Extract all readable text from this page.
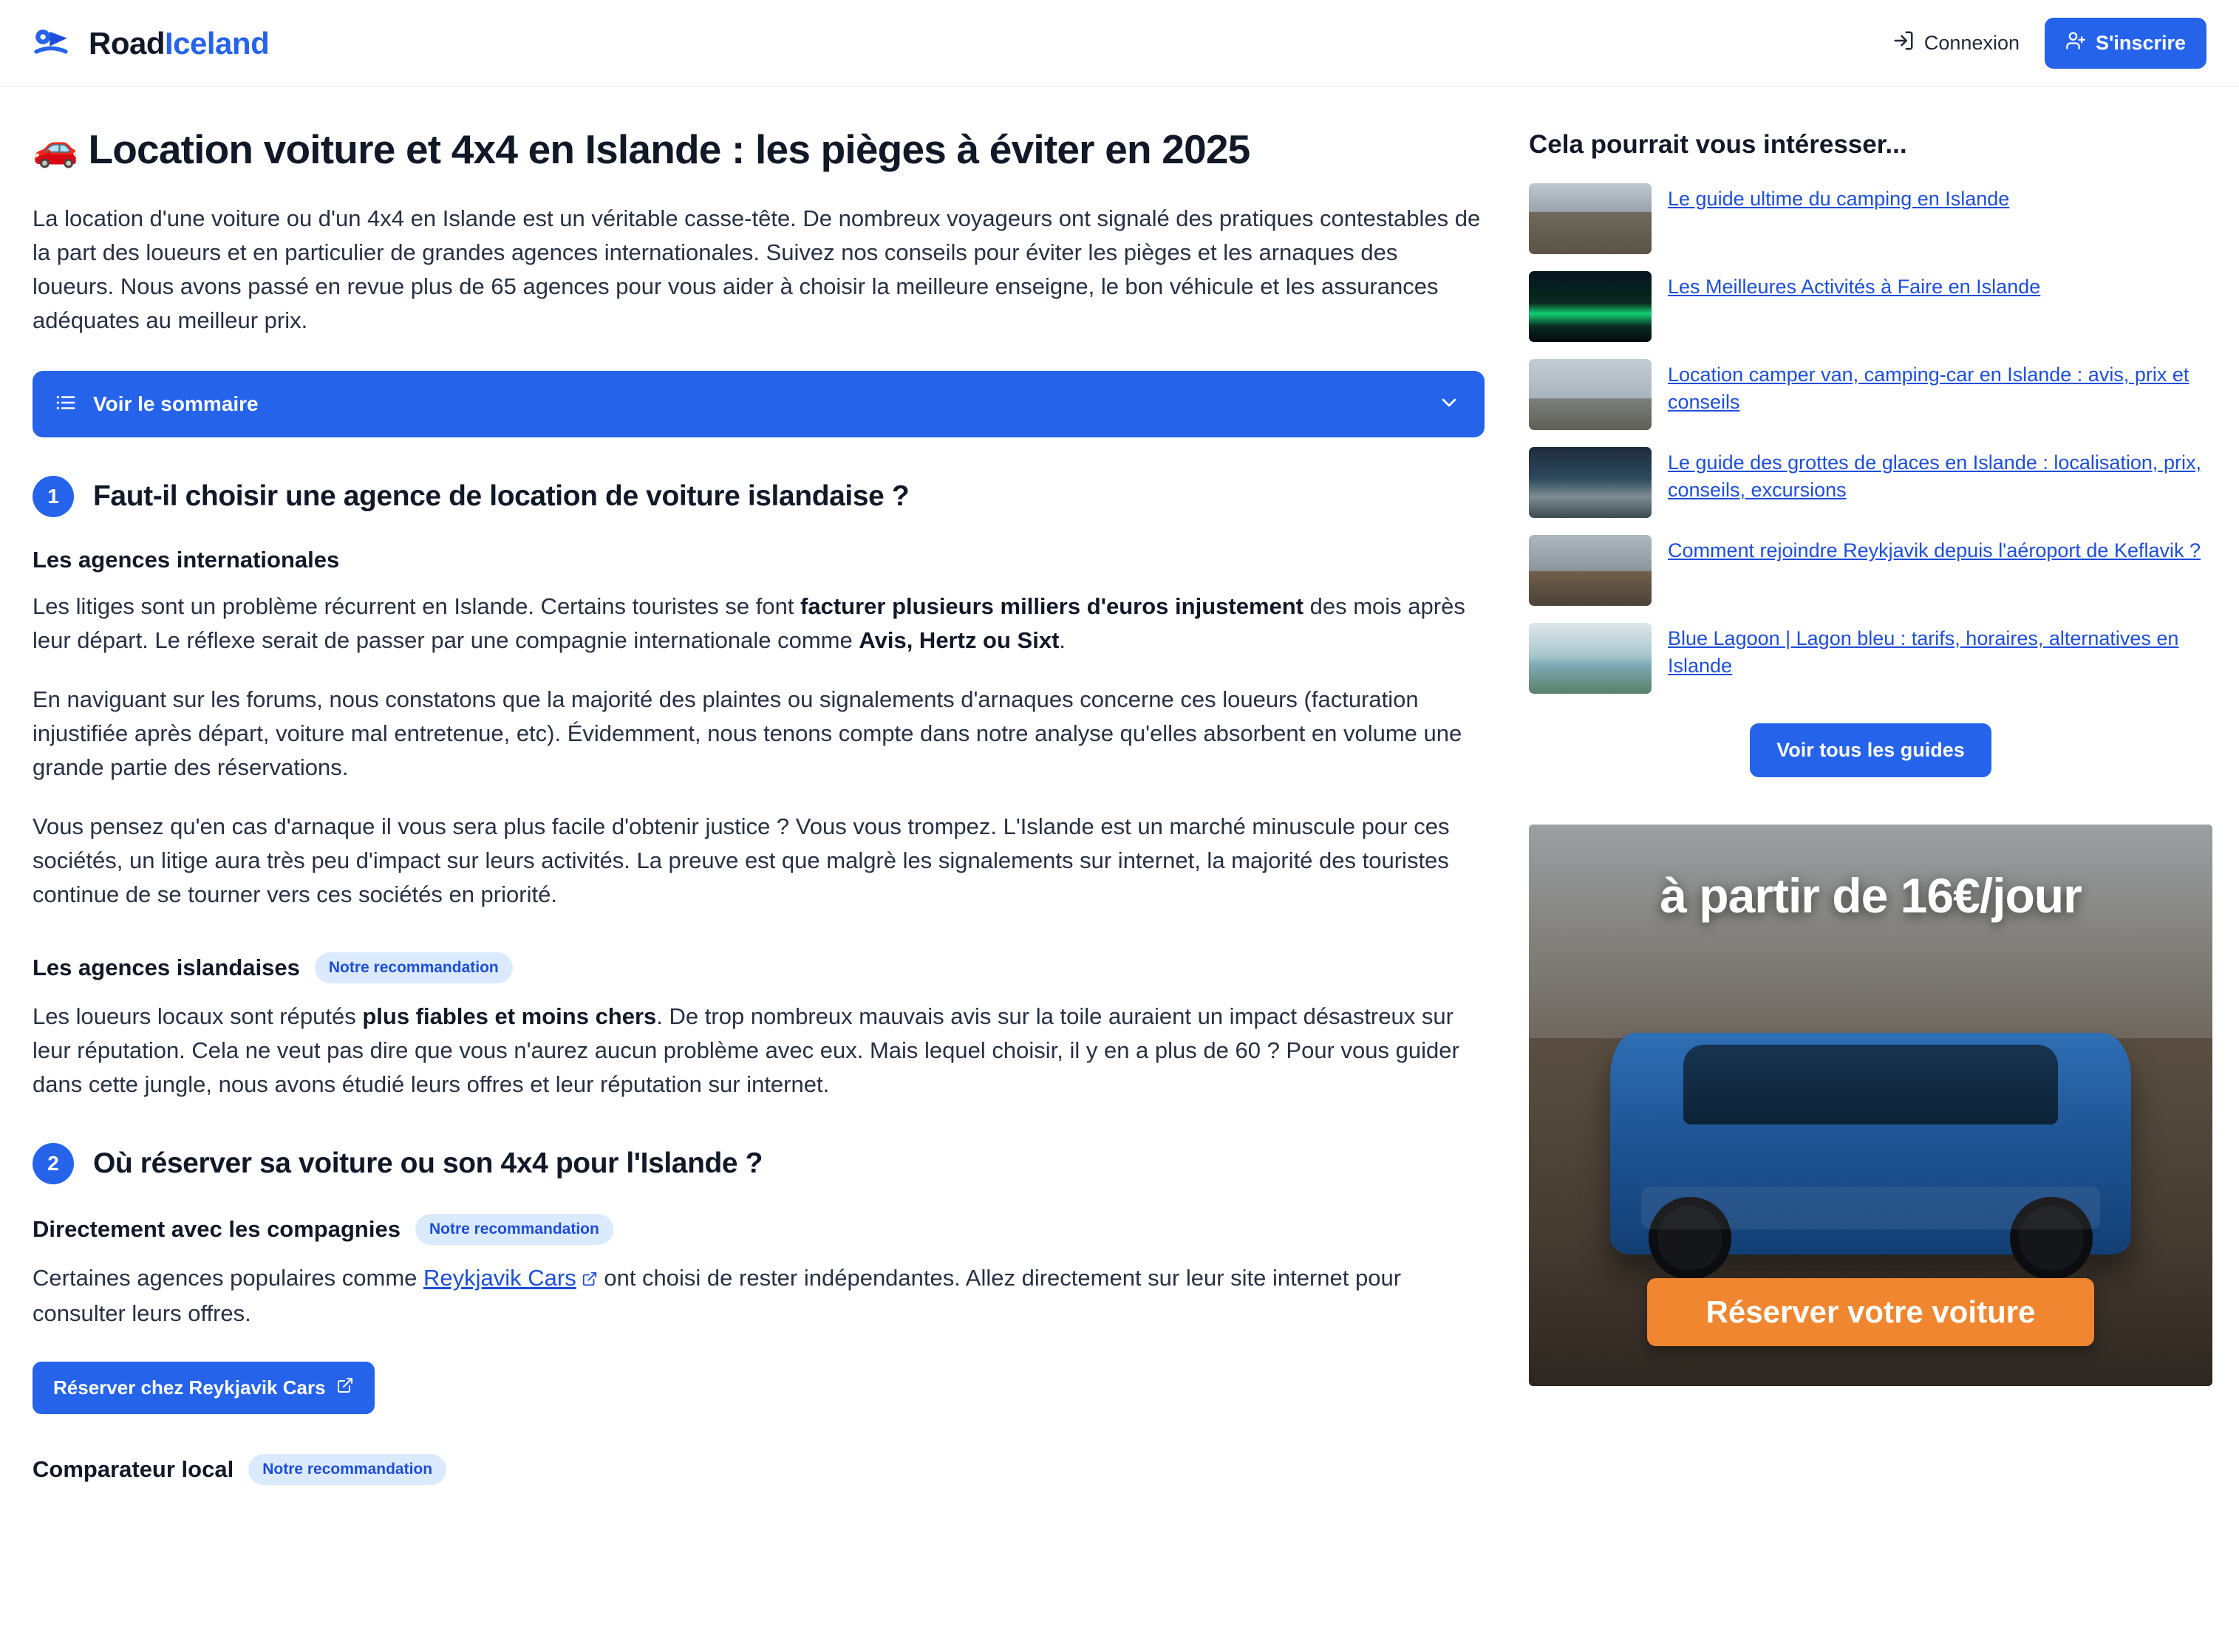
RoadIceland	Connexion	S'inscrire
🚗 Location voiture et 4x4 en Islande : les pièges à éviter en 2025

La location d'une voiture ou d'un 4x4 en Islande est un véritable casse-tête. De nombreux voyageurs ont signalé des pratiques contestables de la part des loueurs et en particulier de grandes agences internationales. Suivez nos conseils pour éviter les pièges et les arnaques des loueurs. Nous avons passé en revue plus de 65 agences pour vous aider à choisir la meilleure enseigne, le bon véhicule et les assurances adéquates au meilleur prix.

Voir le sommaire
1	Faut-il choisir une agence de location de voiture islandaise ?
Les agences internationales

Les litiges sont un problème récurrent en Islande. Certains touristes se font facturer plusieurs milliers d'euros injustement des mois après leur départ. Le réflexe serait de passer par une compagnie internationale comme Avis, Hertz ou Sixt.

En naviguant sur les forums, nous constatons que la majorité des plaintes ou signalements d'arnaques concerne ces loueurs (facturation injustifiée après départ, voiture mal entretenue, etc). Évidemment, nous tenons compte dans notre analyse qu'elles absorbent en volume une grande partie des réservations.

Vous pensez qu'en cas d'arnaque il vous sera plus facile d'obtenir justice ? Vous vous trompez. L'Islande est un marché minuscule pour ces sociétés, un litige aura très peu d'impact sur leurs activités. La preuve est que malgrè les signalements sur internet, la majorité des touristes continue de se tourner vers ces sociétés en priorité.

Les agences islandaises	Notre recommandation

Les loueurs locaux sont réputés plus fiables et moins chers. De trop nombreux mauvais avis sur la toile auraient un impact désastreux sur leur réputation. Cela ne veut pas dire que vous n'aurez aucun problème avec eux. Mais lequel choisir, il y en a plus de 60 ? Pour vous guider dans cette jungle, nous avons étudié leurs offres et leur réputation sur internet.

2	Où réserver sa voiture ou son 4x4 pour l'Islande ?
Directement avec les compagnies	Notre recommandation

Certaines agences populaires comme Reykjavik Cars ont choisi de rester indépendantes. Allez directement sur leur site internet pour consulter leurs offres.

Réserver chez Reykjavik Cars
Comparateur local	Notre recommandation
Cela pourrait vous intéresser...
Le guide ultime du camping en Islande
Les Meilleures Activités à Faire en Islande
Location camper van, camping-car en Islande : avis, prix et conseils
Le guide des grottes de glaces en Islande : localisation, prix, conseils, excursions
Comment rejoindre Reykjavik depuis l'aéroport de Keflavik ?
Blue Lagoon | Lagon bleu : tarifs, horaires, alternatives en Islande
Voir tous les guides
à partir de 16€/jour
Réserver votre voiture
